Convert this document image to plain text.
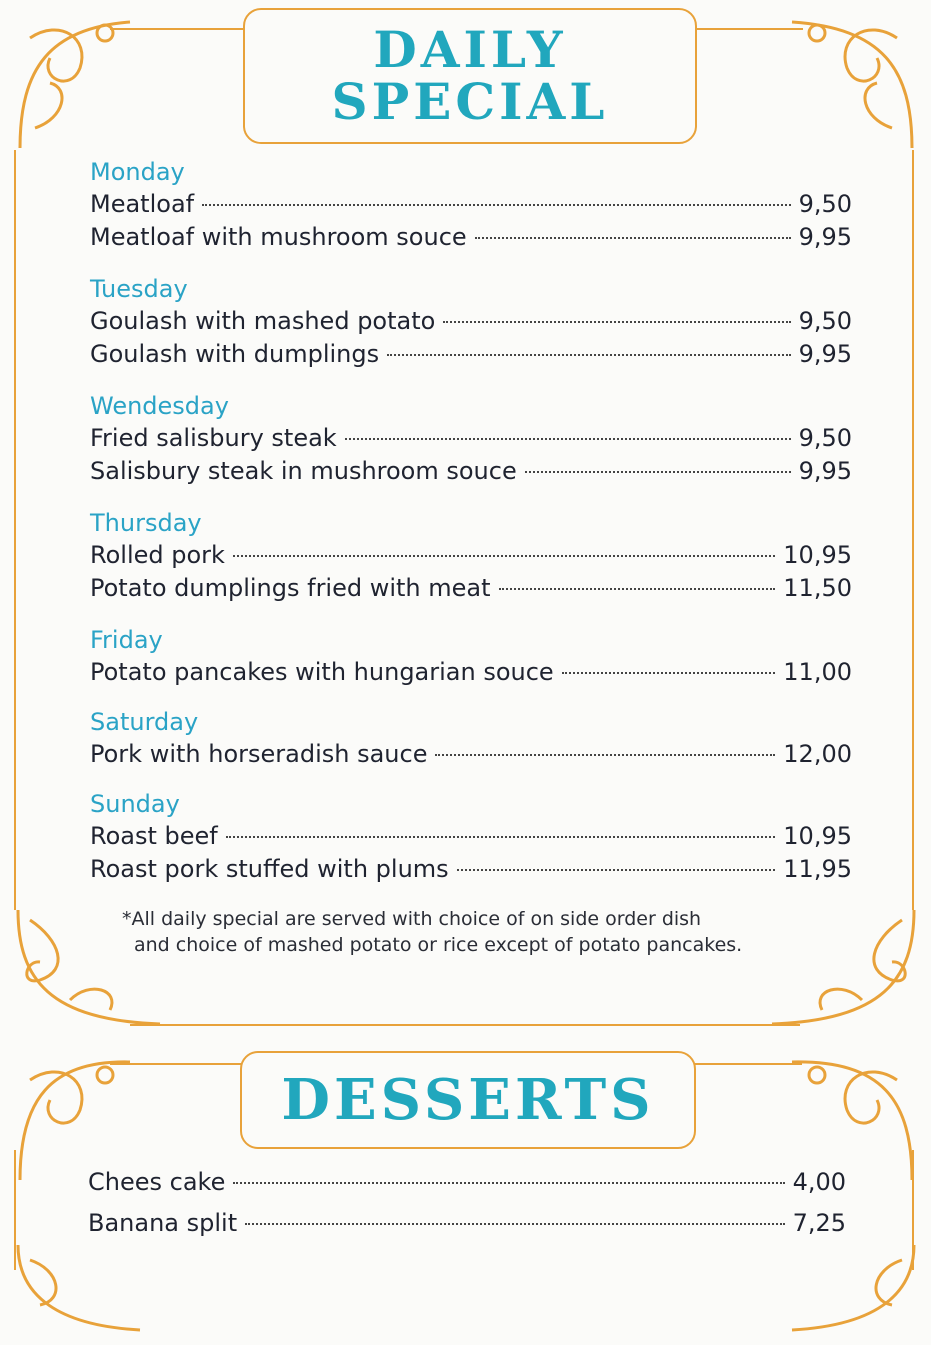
DAILY
SPECIAL
Monday
Meatloaf	9,50
Meatloaf with mushroom souce	9,95
Tuesday
Goulash with mashed potato	9,50
Goulash with dumplings	9,95
Wendesday
Fried salisbury steak	9,50
Salisbury steak in mushroom souce	9,95
Thursday
Rolled pork	10,95
Potato dumplings fried with meat	11,50
Friday
Potato pancakes with hungarian souce	11,00
Saturday
Pork with horseradish sauce	12,00
Sunday
Roast beef	10,95
Roast pork stuffed with plums	11,95
*All daily special are served with choice of on side order dish
and choice of mashed potato or rice except of potato pancakes.
DESSERTS
Chees cake	4,00
Banana split	7,25
